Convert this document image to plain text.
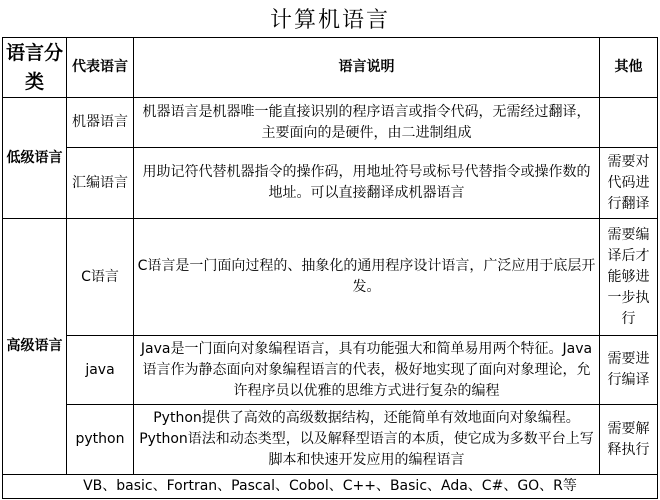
计算机语言
语言分类	代表语言	语言说明	其他
低级语言	机器语言	机器语言是机器唯一能直接识别的程序语言或指令代码，无需经过翻译，主要面向的是硬件，由二进制组成	
	汇编语言	用助记符代替机器指令的操作码，用地址符号或标号代替指令或操作数的地址。可以直接翻译成机器语言	需要对代码进行翻译
高级语言	C语言	C语言是一门面向过程的、抽象化的通用程序设计语言，广泛应用于底层开发。	需要编译后才能够进一步执行
	java	Java是一门面向对象编程语言，具有功能强大和简单易用两个特征。Java语言作为静态面向对象编程语言的代表，极好地实现了面向对象理论，允许程序员以优雅的思维方式进行复杂的编程	需要进行编译
	python	Python提供了高效的高级数据结构，还能简单有效地面向对象编程。Python语法和动态类型，以及解释型语言的本质，使它成为多数平台上写脚本和快速开发应用的编程语言	需要解释执行
VB、basic、Fortran、Pascal、Cobol、C++、Basic、Ada、C#、GO、R等			
